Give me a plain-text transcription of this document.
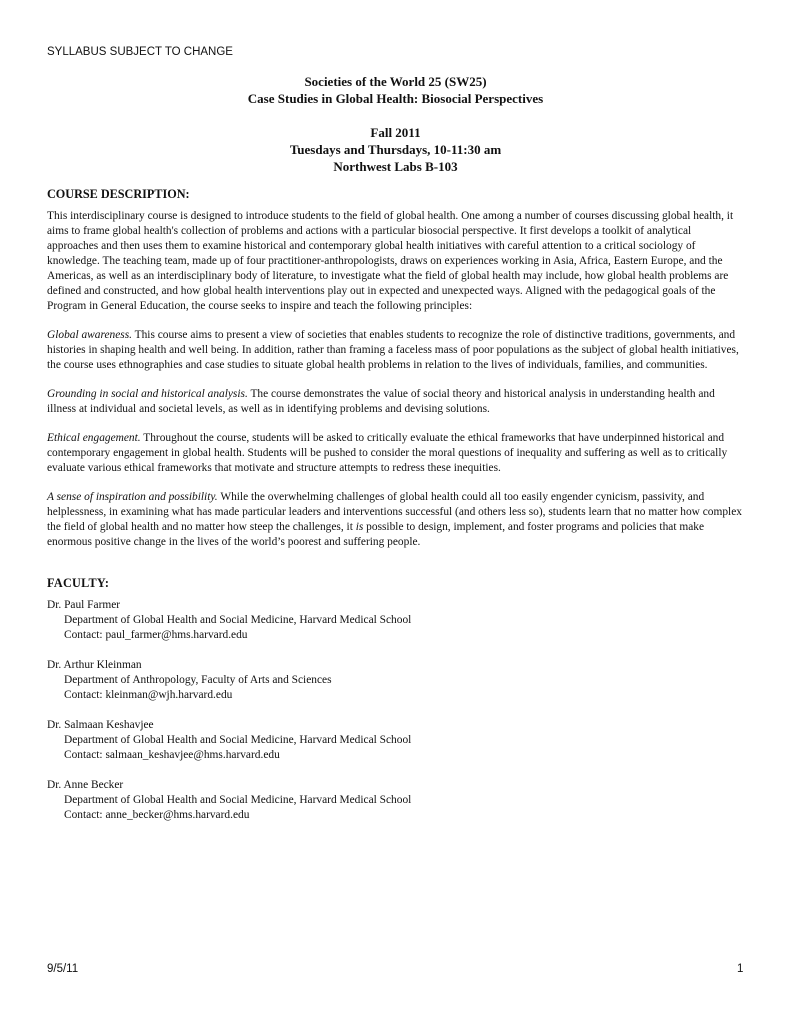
SYLLABUS SUBJECT TO CHANGE
Societies of the World 25 (SW25)
Case Studies in Global Health: Biosocial Perspectives
Fall 2011
Tuesdays and Thursdays, 10-11:30 am
Northwest Labs B-103
COURSE DESCRIPTION:

This interdisciplinary course is designed to introduce students to the field of global health. One among a number of courses discussing global health, it aims to frame global health's collection of problems and actions with a particular biosocial perspective. It first develops a toolkit of analytical approaches and then uses them to examine historical and contemporary global health initiatives with careful attention to a critical sociology of knowledge. The teaching team, made up of four practitioner-anthropologists, draws on experiences working in Asia, Africa, Eastern Europe, and the Americas, as well as an interdisciplinary body of literature, to investigate what the field of global health may include, how global health problems are defined and constructed, and how global health interventions play out in expected and unexpected ways. Aligned with the pedagogical goals of the Program in General Education, the course seeks to inspire and teach the following principles:

Global awareness. This course aims to present a view of societies that enables students to recognize the role of distinctive traditions, governments, and histories in shaping health and well being. In addition, rather than framing a faceless mass of poor populations as the subject of global health initiatives, the course uses ethnographies and case studies to situate global health problems in relation to the lives of individuals, families, and communities.

Grounding in social and historical analysis. The course demonstrates the value of social theory and historical analysis in understanding health and illness at individual and societal levels, as well as in identifying problems and devising solutions.

Ethical engagement. Throughout the course, students will be asked to critically evaluate the ethical frameworks that have underpinned historical and contemporary engagement in global health. Students will be pushed to consider the moral questions of inequality and suffering as well as to critically evaluate various ethical frameworks that motivate and structure attempts to redress these inequities.

A sense of inspiration and possibility. While the overwhelming challenges of global health could all too easily engender cynicism, passivity, and helplessness, in examining what has made particular leaders and interventions successful (and others less so), students learn that no matter how complex the field of global health and no matter how steep the challenges, it is possible to design, implement, and foster programs and policies that make enormous positive change in the lives of the world’s poorest and suffering people.

FACULTY:
Dr. Paul Farmer
Department of Global Health and Social Medicine, Harvard Medical School
Contact: paul_farmer@hms.harvard.edu
Dr. Arthur Kleinman
Department of Anthropology, Faculty of Arts and Sciences
Contact: kleinman@wjh.harvard.edu
Dr. Salmaan Keshavjee
Department of Global Health and Social Medicine, Harvard Medical School
Contact: salmaan_keshavjee@hms.harvard.edu
Dr. Anne Becker
Department of Global Health and Social Medicine, Harvard Medical School
Contact: anne_becker@hms.harvard.edu
9/5/11	1
